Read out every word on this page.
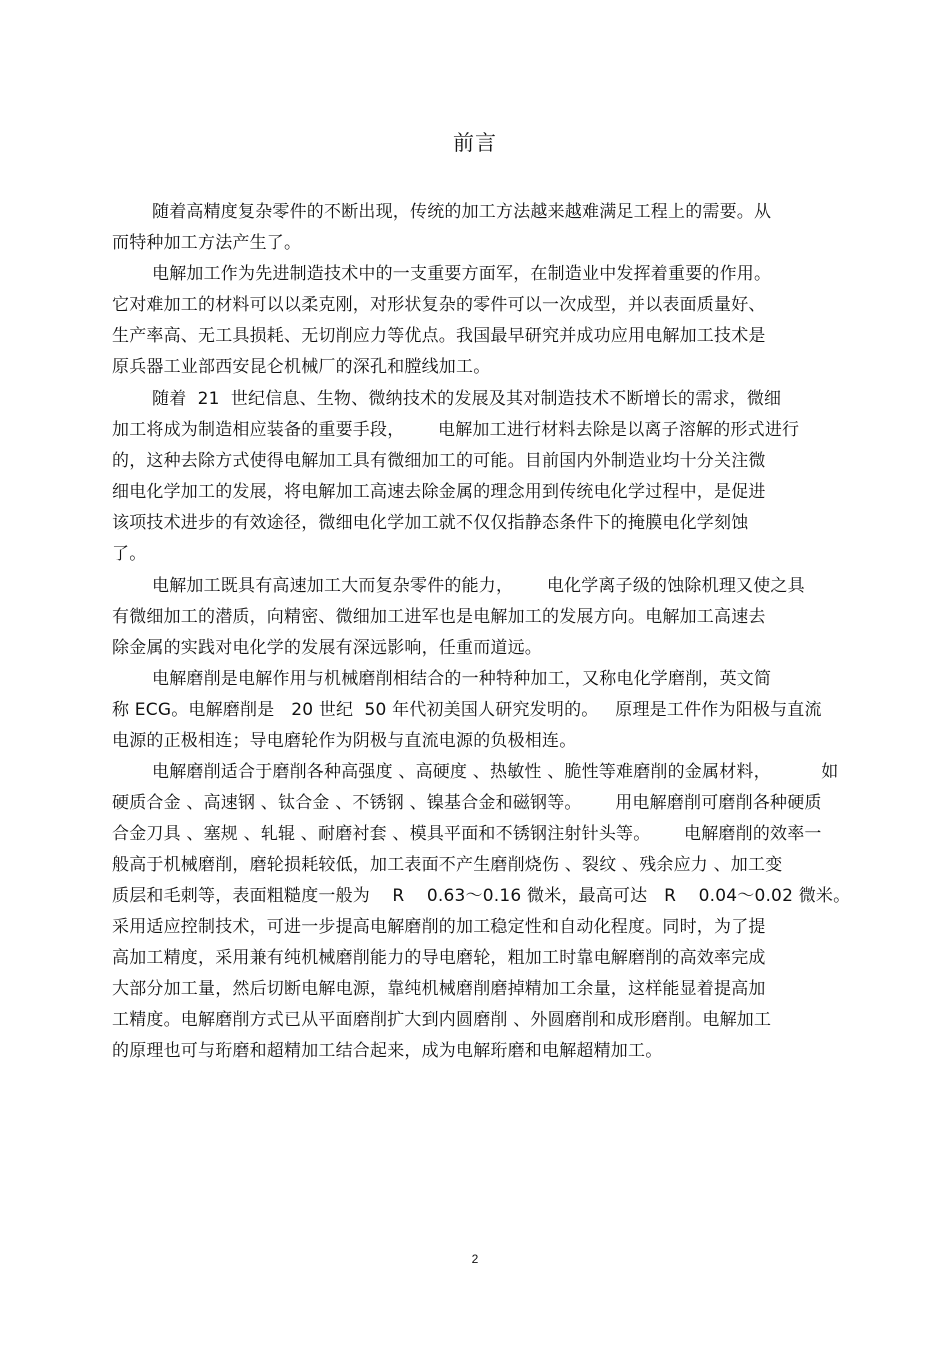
前言
随着高精度复杂零件的不断出现，传统的加工方法越来越难满足工程上的需要。从
而特种加工方法产生了。
电解加工作为先进制造技术中的一支重要方面军，在制造业中发挥着重要的作用。
它对难加工的材料可以以柔克刚，对形状复杂的零件可以一次成型，并以表面质量好、
生产率高、无工具损耗、无切削应力等优点。我国最早研究并成功应用电解加工技术是
原兵器工业部西安昆仑机械厂的深孔和膛线加工。
随着  21  世纪信息、生物、微纳技术的发展及其对制造技术不断增长的需求，微细
加工将成为制造相应装备的重要手段，      电解加工进行材料去除是以离子溶解的形式进行
的，这种去除方式使得电解加工具有微细加工的可能。目前国内外制造业均十分关注微
细电化学加工的发展，将电解加工高速去除金属的理念用到传统电化学过程中，是促进
该项技术进步的有效途径，微细电化学加工就不仅仅指静态条件下的掩膜电化学刻蚀
了。
电解加工既具有高速加工大而复杂零件的能力，      电化学离子级的蚀除机理又使之具
有微细加工的潜质，向精密、微细加工进军也是电解加工的发展方向。电解加工高速去
除金属的实践对电化学的发展有深远影响，任重而道远。
电解磨削是电解作用与机械磨削相结合的一种特种加工，又称电化学磨削，英文简
称 ECG。电解磨削是   20 世纪  50 年代初美国人研究发明的。   原理是工件作为阳极与直流
电源的正极相连；导电磨轮作为阴极与直流电源的负极相连。
电解磨削适合于磨削各种高强度 、高硬度 、热敏性 、脆性等难磨削的金属材料，         如
硬质合金 、高速钢 、钛合金 、不锈钢 、镍基合金和磁钢等。      用电解磨削可磨削各种硬质
合金刀具 、塞规 、轧辊 、耐磨衬套 、模具平面和不锈钢注射针头等。      电解磨削的效率一
般高于机械磨削，磨轮损耗较低，加工表面不产生磨削烧伤 、裂纹 、残余应力 、加工变
质层和毛刺等，表面粗糙度一般为    R    0.63～0.16 微米，最高可达   R    0.04～0.02 微米。
采用适应控制技术，可进一步提高电解磨削的加工稳定性和自动化程度。同时，为了提
高加工精度，采用兼有纯机械磨削能力的导电磨轮，粗加工时靠电解磨削的高效率完成
大部分加工量，然后切断电解电源，靠纯机械磨削磨掉精加工余量，这样能显着提高加
工精度。电解磨削方式已从平面磨削扩大到内圆磨削 、外圆磨削和成形磨削。电解加工
的原理也可与珩磨和超精加工结合起来，成为电解珩磨和电解超精加工。
2
